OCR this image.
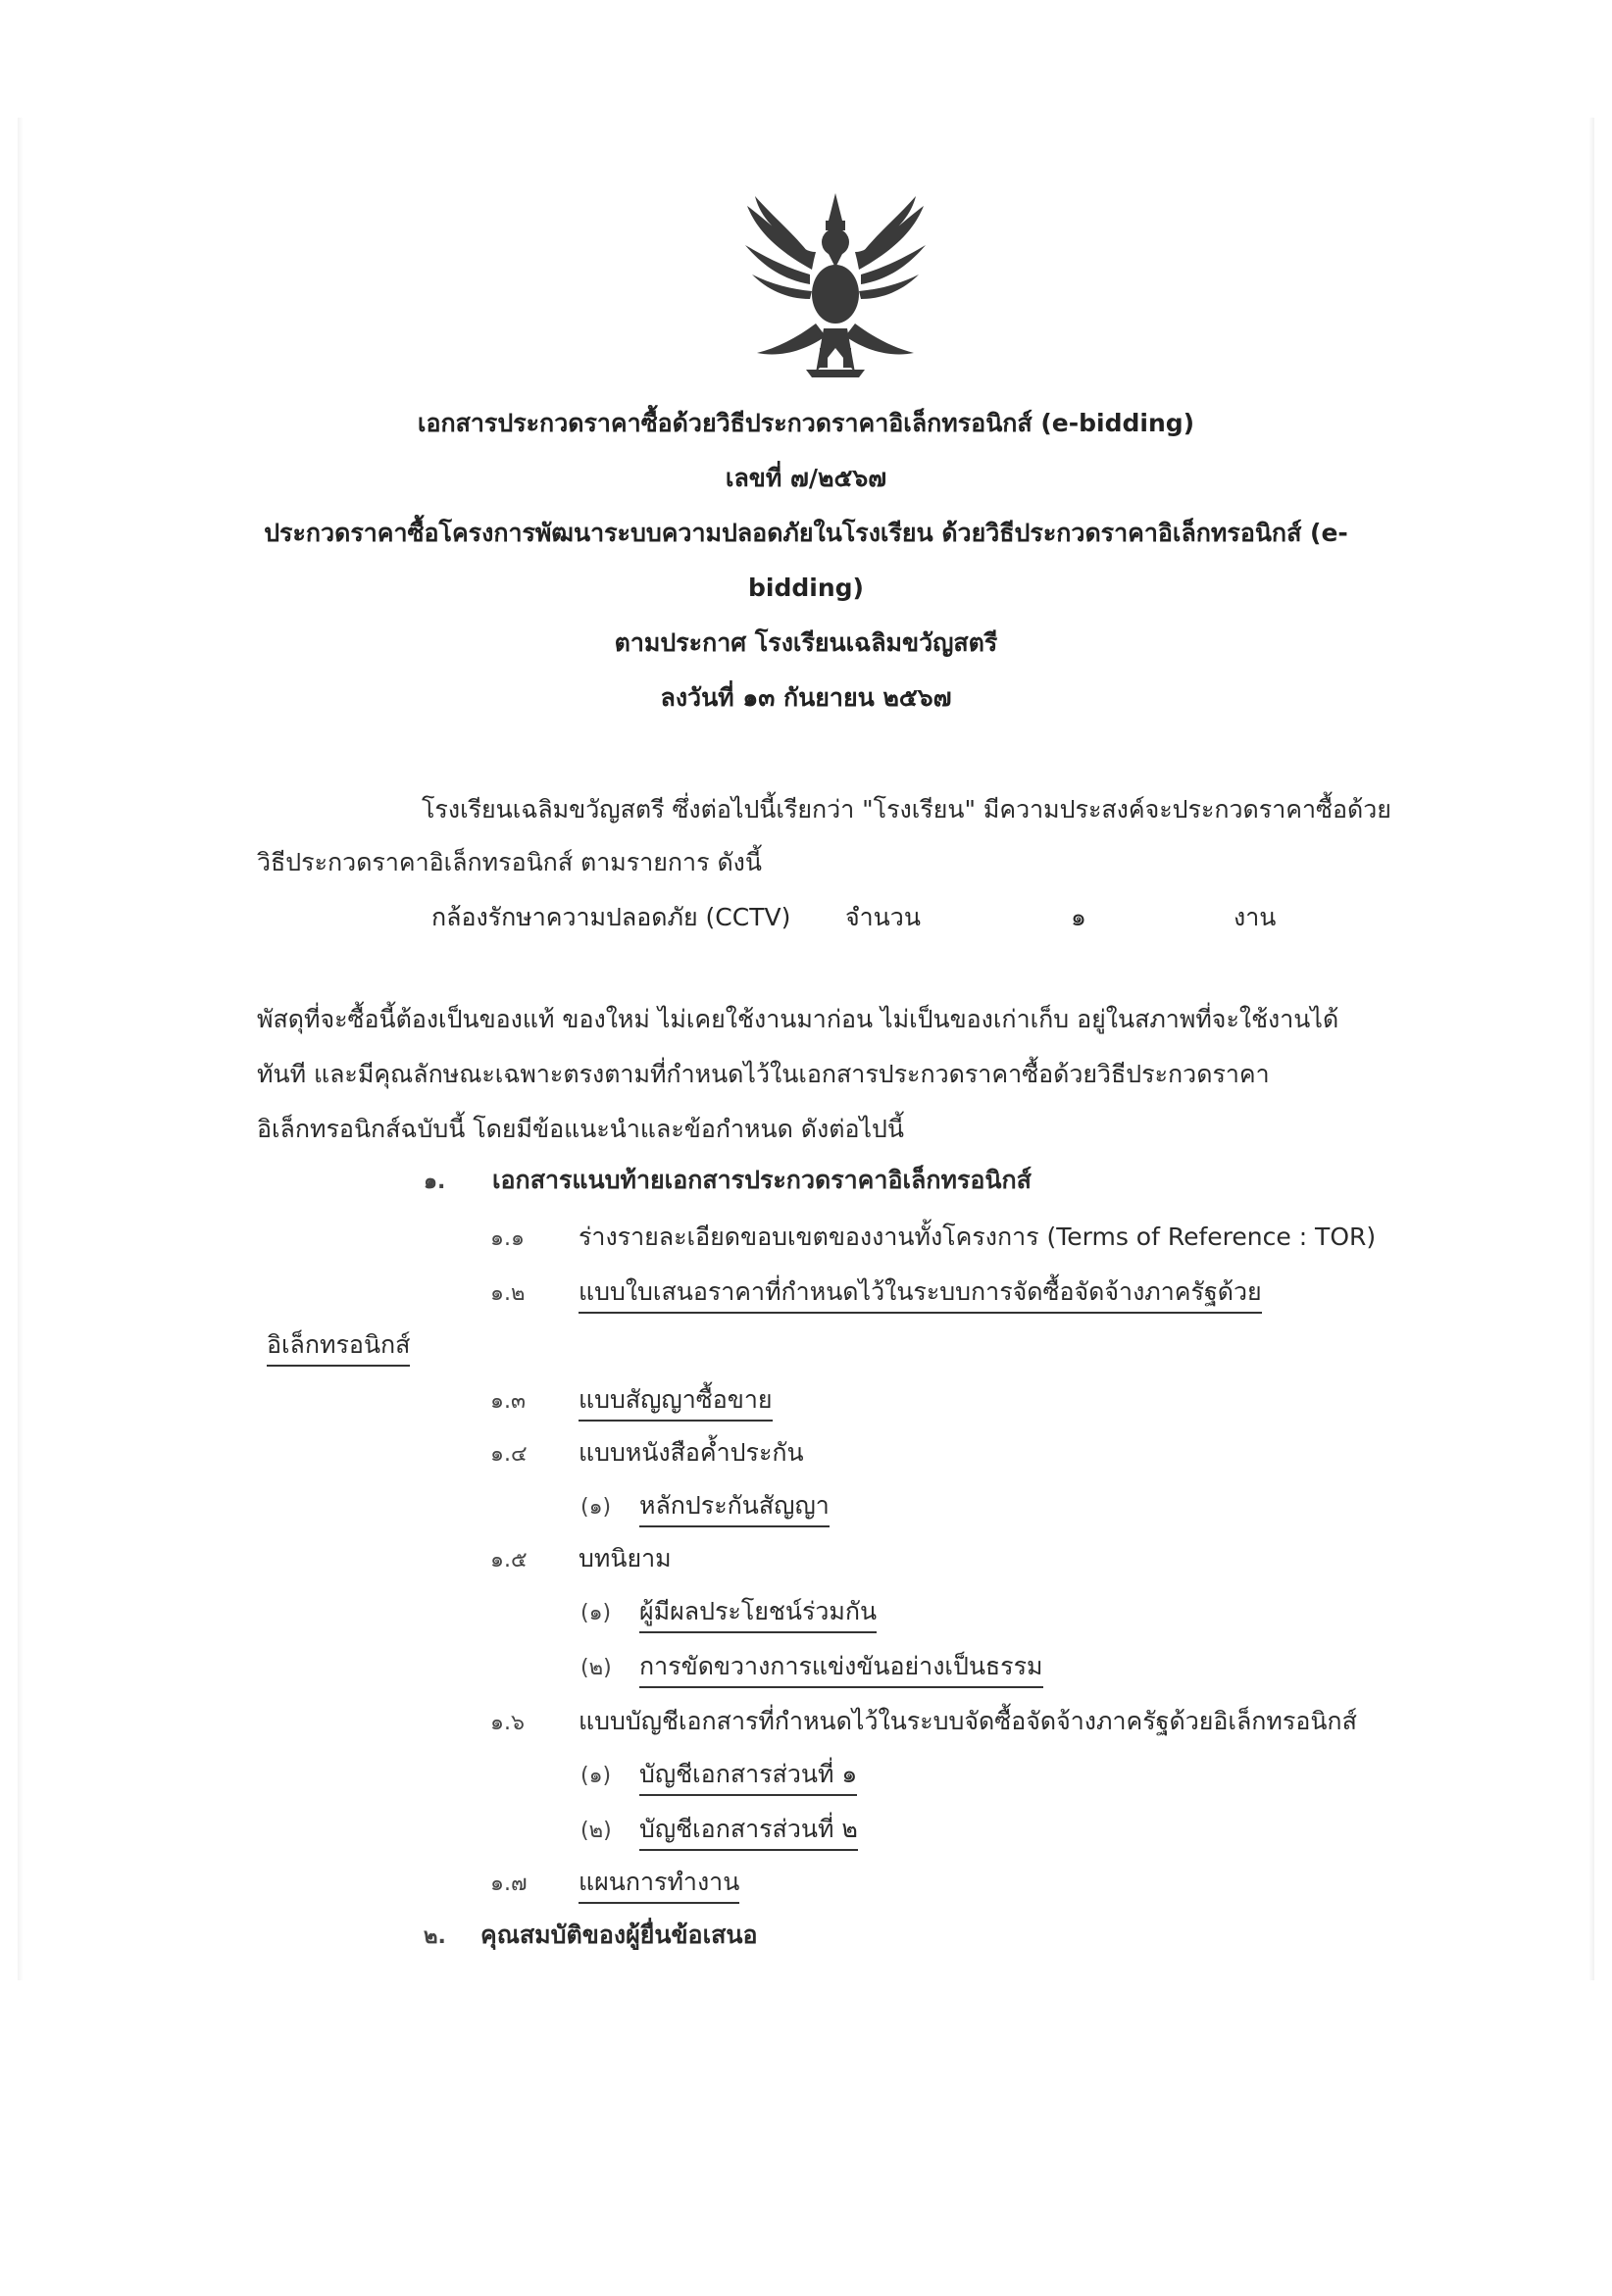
เอกสารประกวดราคาซื้อด้วยวิธีประกวดราคาอิเล็กทรอนิกส์ (e-bidding)
เลขที่ ๗/๒๕๖๗
ประกวดราคาซื้อโครงการพัฒนาระบบความปลอดภัยในโรงเรียน ด้วยวิธีประกวดราคาอิเล็กทรอนิกส์ (e-
bidding)
ตามประกาศ โรงเรียนเฉลิมขวัญสตรี
ลงวันที่ ๑๓ กันยายน ๒๕๖๗
โรงเรียนเฉลิมขวัญสตรี ซึ่งต่อไปนี้เรียกว่า "โรงเรียน" มีความประสงค์จะประกวดราคาซื้อด้วย
วิธีประกวดราคาอิเล็กทรอนิกส์ ตามรายการ ดังนี้
กล้องรักษาความปลอดภัย (CCTV) จำนวน	๑	งาน
พัสดุที่จะซื้อนี้ต้องเป็นของแท้ ของใหม่ ไม่เคยใช้งานมาก่อน ไม่เป็นของเก่าเก็บ อยู่ในสภาพที่จะใช้งานได้
ทันที และมีคุณลักษณะเฉพาะตรงตามที่กำหนดไว้ในเอกสารประกวดราคาซื้อด้วยวิธีประกวดราคา
อิเล็กทรอนิกส์ฉบับนี้ โดยมีข้อแนะนำและข้อกำหนด ดังต่อไปนี้
๑. เอกสารแนบท้ายเอกสารประกวดราคาอิเล็กทรอนิกส์
๑.๑ ร่างรายละเอียดขอบเขตของงานทั้งโครงการ (Terms of Reference : TOR)
๑.๒ แบบใบเสนอราคาที่กำหนดไว้ในระบบการจัดซื้อจัดจ้างภาครัฐด้วย
อิเล็กทรอนิกส์
๑.๓ แบบสัญญาซื้อขาย
๑.๔ แบบหนังสือค้ำประกัน
(๑) หลักประกันสัญญา
๑.๕ บทนิยาม
(๑) ผู้มีผลประโยชน์ร่วมกัน
(๒) การขัดขวางการแข่งขันอย่างเป็นธรรม
๑.๖ แบบบัญชีเอกสารที่กำหนดไว้ในระบบจัดซื้อจัดจ้างภาครัฐด้วยอิเล็กทรอนิกส์
(๑) บัญชีเอกสารส่วนที่ ๑
(๒) บัญชีเอกสารส่วนที่ ๒
๑.๗ แผนการทำงาน
๒. คุณสมบัติของผู้ยื่นข้อเสนอ
